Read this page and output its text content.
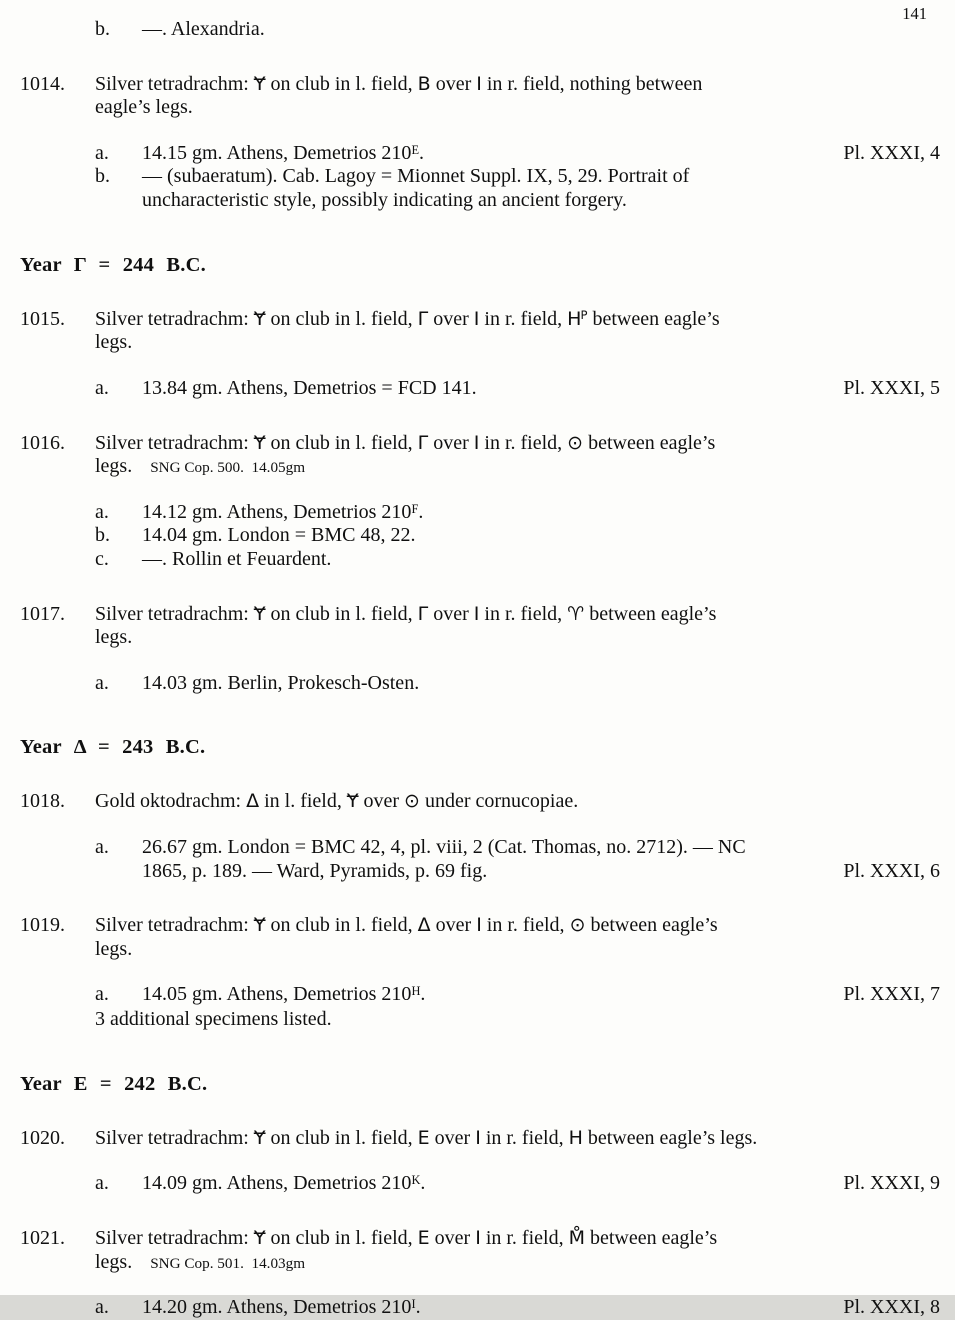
141
b.	—. Alexandria.
1014.	Silver tetradrachm: Ɏ on club in l. field, B over I in r. field, nothing between
eagle’s legs.
a.	14.15 gm. Athens, Demetrios $210^E$.	Pl. XXXI, 4
b.	— (subaeratum). Cab. Lagoy = Mionnet Suppl. IX, 5, 29. Portrait of
uncharacteristic style, possibly indicating an ancient forgery.
Year Γ = 244 B.C.
1015.	Silver tetradrachm: Ɏ on club in l. field, Γ over I in r. field, $H^P$ between eagle’s
legs.
a.	13.84 gm. Athens, Demetrios = FCD 141.	Pl. XXXI, 5
1016.	Silver tetradrachm: Ɏ on club in l. field, Γ over I in r. field, ⊙ between eagle’s
legs. SNG Cop. 500.  14.05gm
a.	14.12 gm. Athens, Demetrios $210^F$.
b.	14.04 gm. London = BMC 48, 22.
c.	—. Rollin et Feuardent.
1017.	Silver tetradrachm: Ɏ on club in l. field, Γ over I in r. field, ♈ between eagle’s
legs.
a.	14.03 gm. Berlin, Prokesch-Osten.
Year Δ = 243 B.C.
1018.	Gold oktodrachm: Δ in l. field, Ɏ over ⊙ under cornucopiae.
a.	26.67 gm. London = BMC 42, 4, pl. viii, 2 (Cat. Thomas, no. 2712). — NC
1865, p. 189. — Ward, Pyramids, p. 69 fig.	Pl. XXXI, 6
1019.	Silver tetradrachm: Ɏ on club in l. field, Δ over I in r. field, ⊙ between eagle’s
legs.
a.	14.05 gm. Athens, Demetrios $210^H$.	Pl. XXXI, 7
3 additional specimens listed.
Year E = 242 B.C.
1020.	Silver tetradrachm: Ɏ on club in l. field, E over I in r. field, H between eagle’s legs.
a.	14.09 gm. Athens, Demetrios $210^K$.	Pl. XXXI, 9
1021.	Silver tetradrachm: Ɏ on club in l. field, E over I in r. field, M̊ between eagle’s
legs. SNG Cop. 501.  14.03gm
a.	14.20 gm. Athens, Demetrios $210^I$.	Pl. XXXI, 8
